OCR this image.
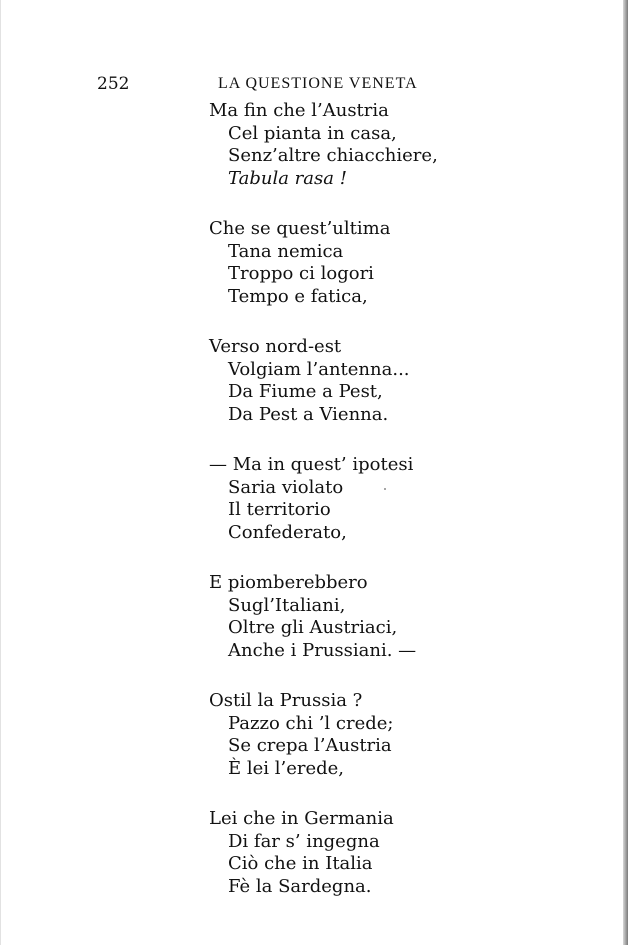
252	LA QUESTIONE VENETA
Ma fin che l’Austria
Cel pianta in casa,
Senz’altre chiacchiere,
Tabula rasa !
Che se quest’ultima
Tana nemica
Troppo ci logori
Tempo e fatica,
Verso nord-est
Volgiam l’antenna...
Da Fiume a Pest,
Da Pest a Vienna.
— Ma in quest’ ipotesi
Saria violato
Il territorio
Confederato,
E piomberebbero
Sugl’Italiani,
Oltre gli Austriaci,
Anche i Prussiani. —
Ostil la Prussia ?
Pazzo chi ’l crede;
Se crepa l’Austria
È lei l’erede,
Lei che in Germania
Di far s’ ingegna
Ciò che in Italia
Fè la Sardegna.
